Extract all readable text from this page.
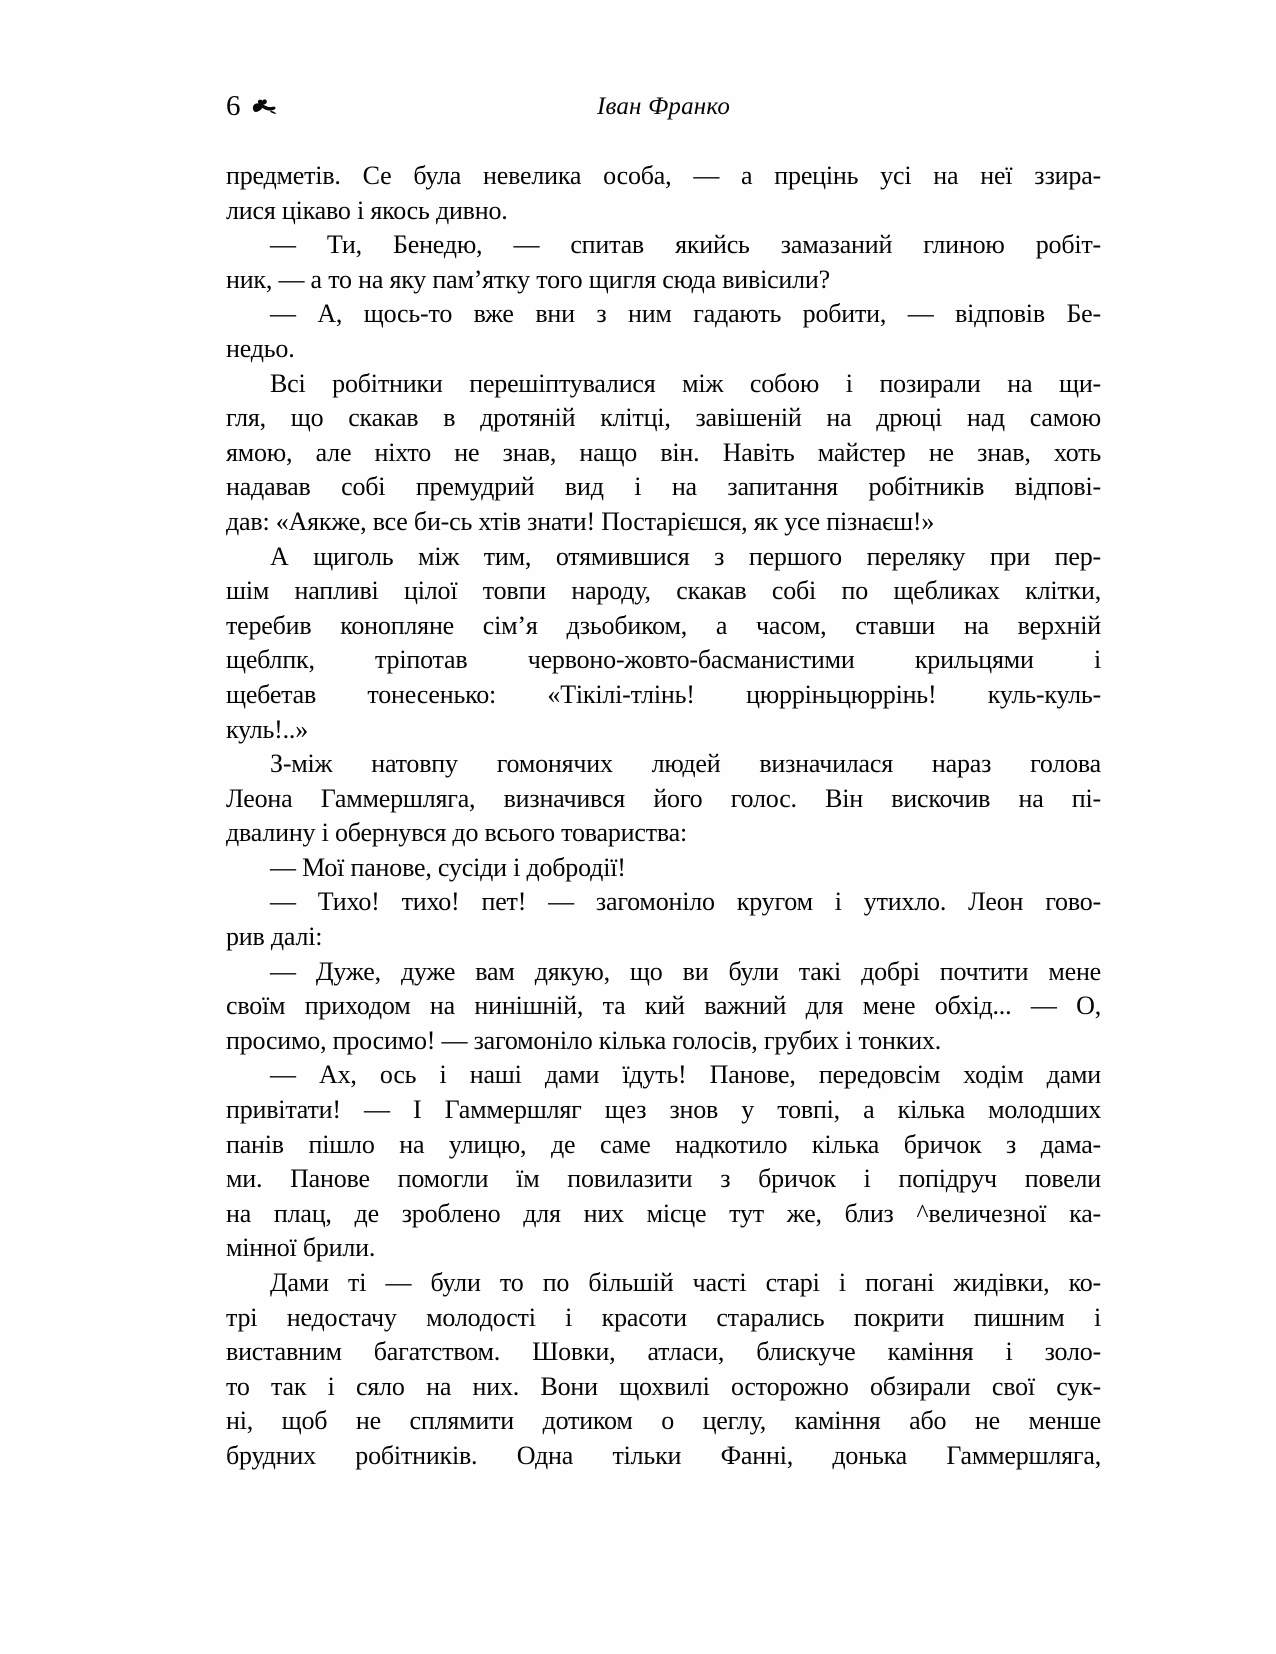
6	Іван Франко
предметів. Се була невелика особа, — а прецінь усі на неї ззира-
лися цікаво і якось дивно.
— Ти, Бенедю, — спитав якийсь замазаний глиною робіт-
ник, — а то на яку пам’ятку того щигля сюда вивісили?
— А, щось-то вже вни з ним гадають робити, — відповів Бе-
недьо.
Всі робітники перешіптувалися між собою і позирали на щи-
гля, що скакав в дротяній клітці, завішеній на дрюці над самою
ямою, але ніхто не знав, нащо він. Навіть майстер не знав, хоть
надавав собі премудрий вид і на запитання робітників відпові-
дав: «Аякже, все би-сь хтів знати! Постарієшся, як усе пізнаєш!»
А щиголь між тим, отямившися з першого переляку при пер-
шім напливі цілої товпи народу, скакав собі по щебликах клітки,
теребив конопляне сім’я дзьобиком, а часом, ставши на верхній
щеблпк, тріпотав червоно-жовто-басманистими крильцями і
щебетав тонесенько: «Тікілі-тлінь! цюрріньцюррінь! куль-куль-
куль!..»
З-між натовпу гомонячих людей визначилася нараз голова
Леона Гаммершляга, визначився його голос. Він вискочив на пі-
двалину і обернувся до всього товариства:
— Мої панове, сусіди і добродії!
— Тихо! тихо! пет! — загомоніло кругом і утихло. Леон гово-
рив далі:
— Дуже, дуже вам дякую, що ви були такі добрі почтити мене
своїм приходом на нинішній, та кий важний для мене обхід... — О,
просимо, просимо! — загомоніло кілька голосів, грубих і тонких.
— Ах, ось і наші дами їдуть! Панове, передовсім ходім дами
привітати! — І Гаммершляг щез знов у товпі, а кілька молодших
панів пішло на улицю, де саме надкотило кілька бричок з дама-
ми. Панове помогли їм повилазити з бричок і попідруч повели
на плац, де зроблено для них місце тут же, близ ^величезної ка-
мінної брили.
Дами ті — були то по більшій часті старі і погані жидівки, ко-
трі недостачу молодості і красоти старались покрити пишним і
виставним багатством. Шовки, атласи, блискуче каміння і золо-
то так і сяло на них. Вони щохвилі осторожно обзирали свої сук-
ні, щоб не сплямити дотиком о цеглу, каміння або не менше
брудних робітників. Одна тільки Фанні, донька Гаммершляга,
